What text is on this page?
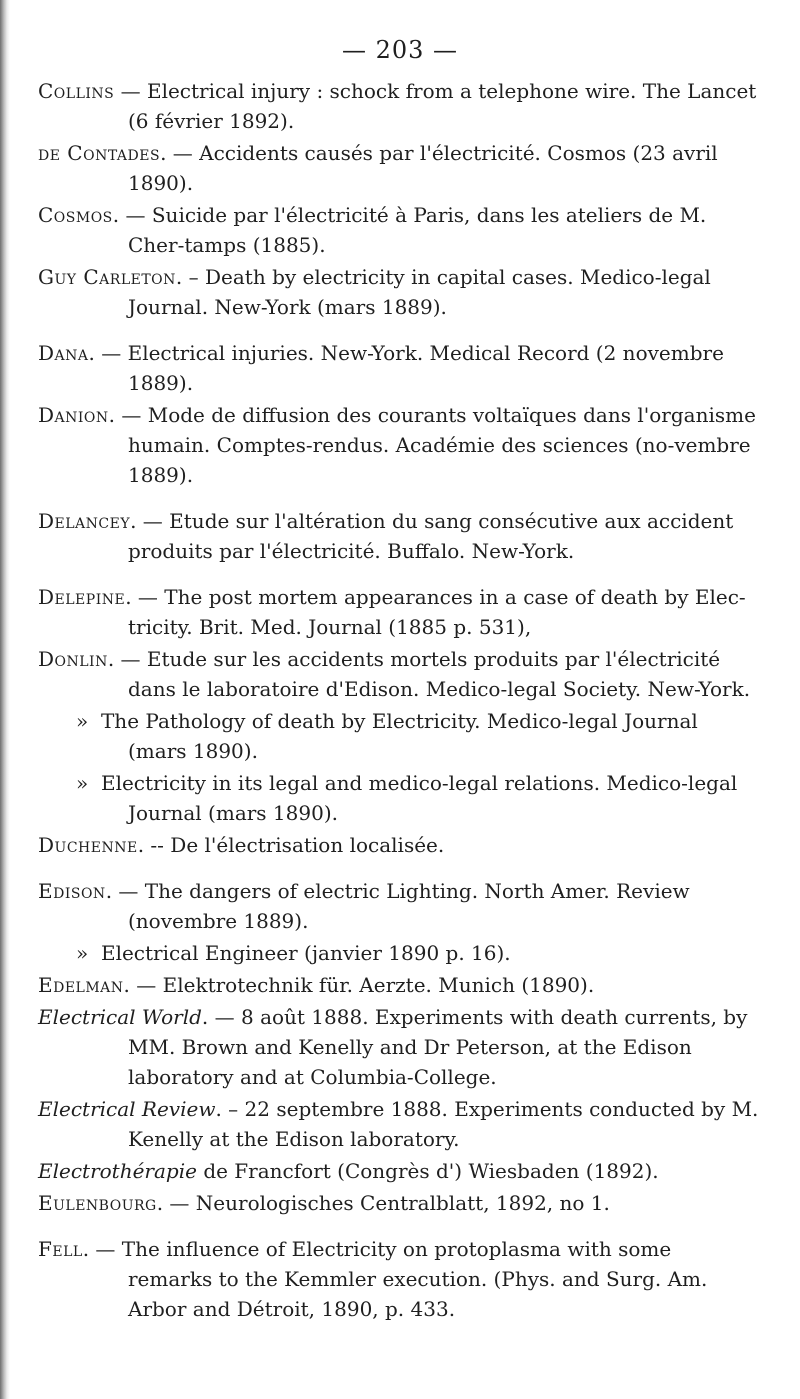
— 203 —

Collins — Electrical injury : schock from a telephone wire. The Lancet (6 février 1892).

de Contades. — Accidents causés par l'électricité. Cosmos (23 avril 1890).

Cosmos. — Suicide par l'électricité à Paris, dans les ateliers de M. Cher-tamps (1885).

Guy Carleton. – Death by electricity in capital cases. Medico-legal Journal. New-York (mars 1889).

Dana. — Electrical injuries. New-York. Medical Record (2 novembre 1889).

Danion. — Mode de diffusion des courants voltaïques dans l'organisme humain. Comptes-rendus. Académie des sciences (no-vembre 1889).

Delancey. — Etude sur l'altération du sang consécutive aux accident produits par l'électricité. Buffalo. New-York.

Delepine. — The post mortem appearances in a case of death by Elec-tricity. Brit. Med. Journal (1885 p. 531),

Donlin. — Etude sur les accidents mortels produits par l'électricité dans le laboratoire d'Edison. Medico-legal Society. New-York.

» The Pathology of death by Electricity. Medico-legal Journal (mars 1890).

» Electricity in its legal and medico-legal relations. Medico-legal Journal (mars 1890).

Duchenne. -- De l'électrisation localisée.

Edison. — The dangers of electric Lighting. North Amer. Review (novembre 1889).

» Electrical Engineer (janvier 1890 p. 16).

Edelman. — Elektrotechnik für. Aerzte. Munich (1890).

Electrical World. — 8 août 1888. Experiments with death currents, by MM. Brown and Kenelly and Dr Peterson, at the Edison laboratory and at Columbia-College.

Electrical Review. – 22 septembre 1888. Experiments conducted by M. Kenelly at the Edison laboratory.

Electrothérapie de Francfort (Congrès d') Wiesbaden (1892).

Eulenbourg. — Neurologisches Centralblatt, 1892, no 1.

Fell. — The influence of Electricity on protoplasma with some remarks to the Kemmler execution. (Phys. and Surg. Am. Arbor and Détroit, 1890, p. 433.
